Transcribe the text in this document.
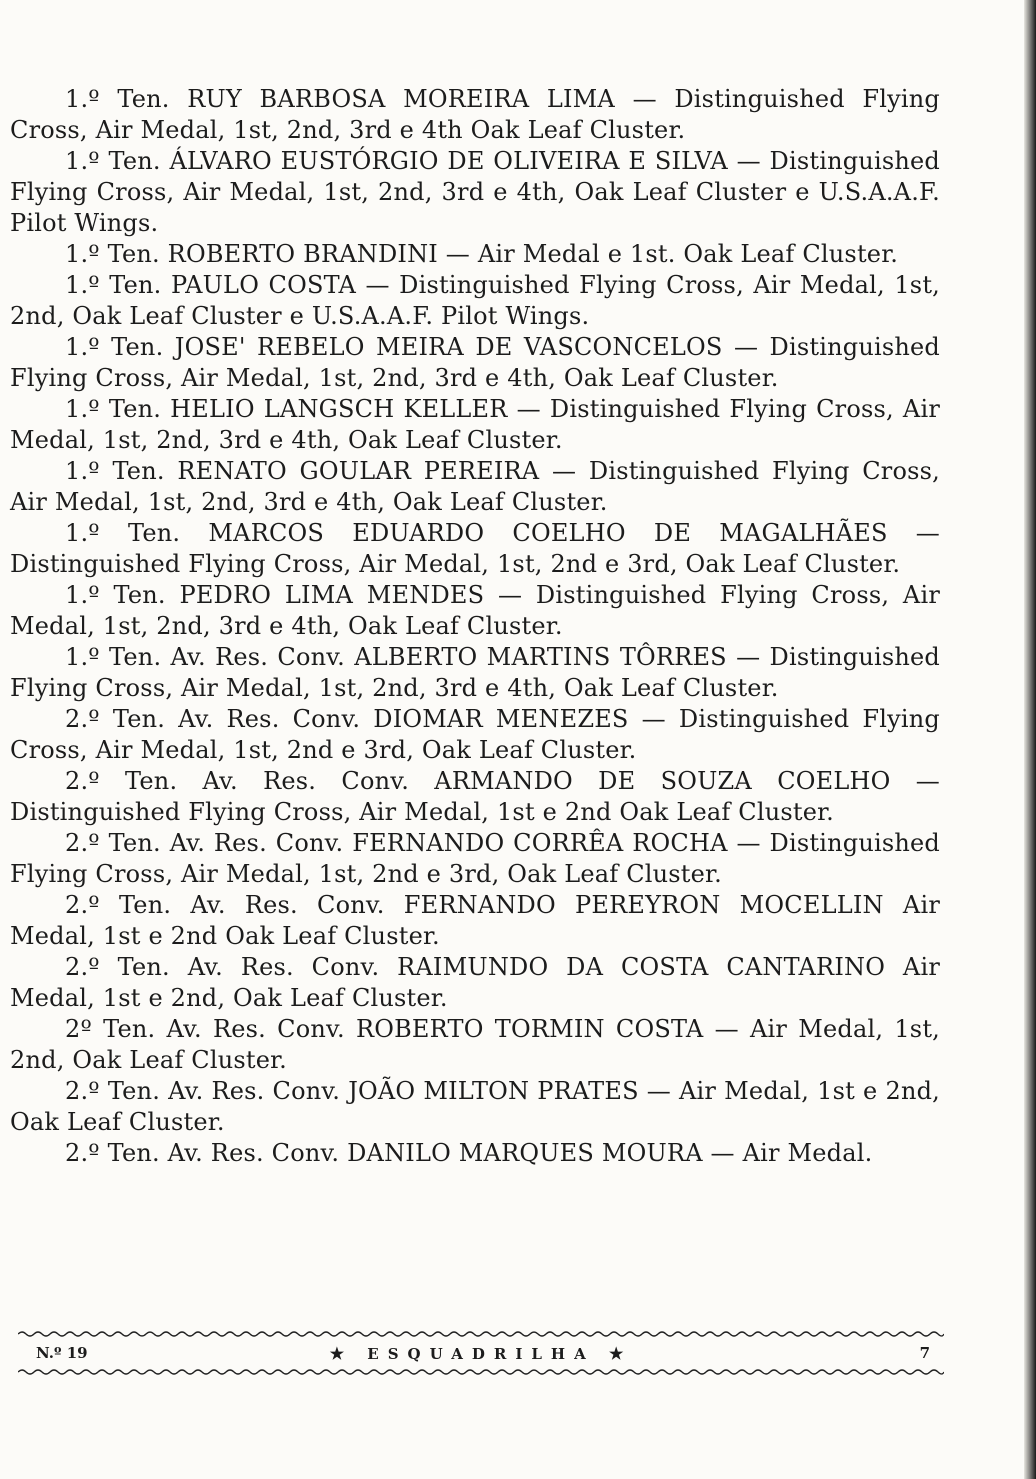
1.º Ten. RUY BARBOSA MOREIRA LIMA — Distinguished Flying Cross, Air Medal, 1st, 2nd, 3rd e 4th Oak Leaf Cluster.

1.º Ten. ÁLVARO EUSTÓRGIO DE OLIVEIRA E SILVA — Distinguished Flying Cross, Air Medal, 1st, 2nd, 3rd e 4th, Oak Leaf Cluster e U.S.A.A.F. Pilot Wings.

1.º Ten. ROBERTO BRANDINI — Air Medal e 1st. Oak Leaf Cluster.

1.º Ten. PAULO COSTA — Distinguished Flying Cross, Air Medal, 1st, 2nd, Oak Leaf Cluster e U.S.A.A.F. Pilot Wings.

1.º Ten. JOSE' REBELO MEIRA DE VASCONCELOS — Distinguished Flying Cross, Air Medal, 1st, 2nd, 3rd e 4th, Oak Leaf Cluster.

1.º Ten. HELIO LANGSCH KELLER — Distinguished Flying Cross, Air Medal, 1st, 2nd, 3rd e 4th, Oak Leaf Cluster.

1.º Ten. RENATO GOULAR PEREIRA — Distinguished Flying Cross, Air Medal, 1st, 2nd, 3rd e 4th, Oak Leaf Cluster.

1.º Ten. MARCOS EDUARDO COELHO DE MAGALHÃES — Distinguished Flying Cross, Air Medal, 1st, 2nd e 3rd, Oak Leaf Cluster.

1.º Ten. PEDRO LIMA MENDES — Distinguished Flying Cross, Air Medal, 1st, 2nd, 3rd e 4th, Oak Leaf Cluster.

1.º Ten. Av. Res. Conv. ALBERTO MARTINS TÔRRES — Distinguished Flying Cross, Air Medal, 1st, 2nd, 3rd e 4th, Oak Leaf Cluster.

2.º Ten. Av. Res. Conv. DIOMAR MENEZES — Distinguished Flying Cross, Air Medal, 1st, 2nd e 3rd, Oak Leaf Cluster.

2.º Ten. Av. Res. Conv. ARMANDO DE SOUZA COELHO — Distinguished Flying Cross, Air Medal, 1st e 2nd Oak Leaf Cluster.

2.º Ten. Av. Res. Conv. FERNANDO CORRÊA ROCHA — Distinguished Flying Cross, Air Medal, 1st, 2nd e 3rd, Oak Leaf Cluster.

2.º Ten. Av. Res. Conv. FERNANDO PEREYRON MOCELLIN Air Medal, 1st e 2nd Oak Leaf Cluster.

2.º Ten. Av. Res. Conv. RAIMUNDO DA COSTA CANTARINO Air Medal, 1st e 2nd, Oak Leaf Cluster.

2º Ten. Av. Res. Conv. ROBERTO TORMIN COSTA — Air Medal, 1st, 2nd, Oak Leaf Cluster.

2.º Ten. Av. Res. Conv. JOÃO MILTON PRATES — Air Medal, 1st e 2nd, Oak Leaf Cluster.

2.º Ten. Av. Res. Conv. DANILO MARQUES MOURA — Air Medal.

N.º 19	★ ESQUADRILHA ★	7
